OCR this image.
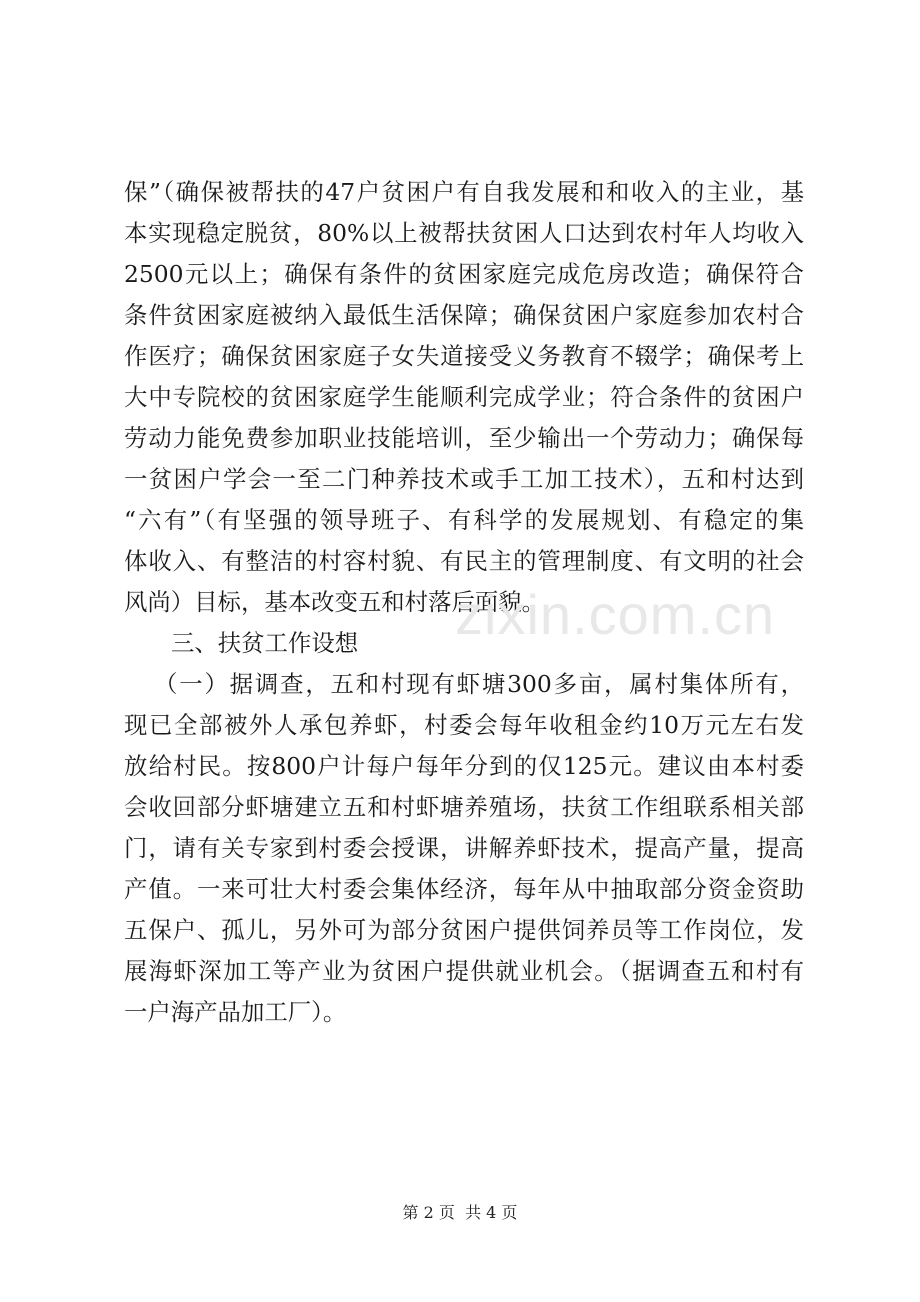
保”（确保被帮扶的47户贫困户有自我发展和和收入的主业，基
本实现稳定脱贫，80%以上被帮扶贫困人口达到农村年人均收入
2500元以上；确保有条件的贫困家庭完成危房改造；确保符合
条件贫困家庭被纳入最低生活保障；确保贫困户家庭参加农村合
作医疗；确保贫困家庭子女失道接受义务教育不辍学；确保考上
大中专院校的贫困家庭学生能顺利完成学业；符合条件的贫困户
劳动力能免费参加职业技能培训，至少输出一个劳动力；确保每
一贫困户学会一至二门种养技术或手工加工技术），五和村达到
“六有”（有坚强的领导班子、有科学的发展规划、有稳定的集
体收入、有整洁的村容村貌、有民主的管理制度、有文明的社会
风尚）目标，基本改变五和村落后面貌。
三、扶贫工作设想
（一）据调查，五和村现有虾塘300多亩，属村集体所有，
现已全部被外人承包养虾，村委会每年收租金约10万元左右发
放给村民。按800户计每户每年分到的仅125元。建议由本村委
会收回部分虾塘建立五和村虾塘养殖场，扶贫工作组联系相关部
门，请有关专家到村委会授课，讲解养虾技术，提高产量，提高
产值。一来可壮大村委会集体经济，每年从中抽取部分资金资助
五保户、孤儿，另外可为部分贫困户提供饲养员等工作岗位，发
展海虾深加工等产业为贫困户提供就业机会。（据调查五和村有
一户海产品加工厂）。
zixin.com.cn
第 2 页  共 4 页
